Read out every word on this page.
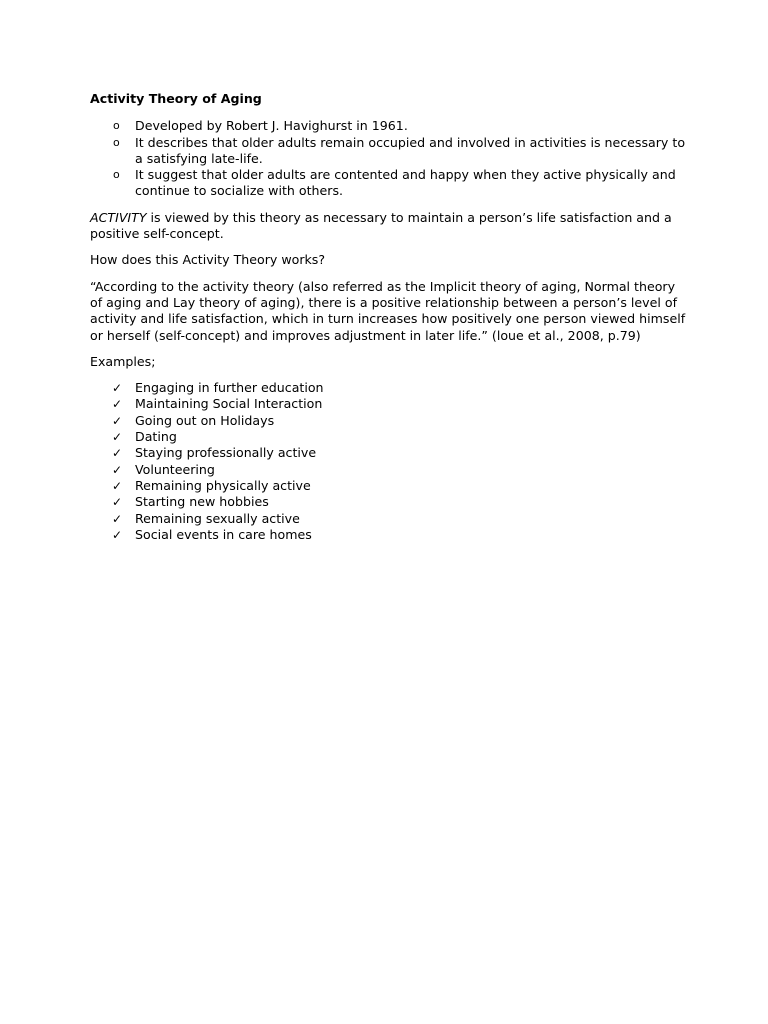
Activity Theory of Aging
o Developed by Robert J. Havighurst in 1961.
o It describes that older adults remain occupied and involved in activities is necessary to a satisfying late-life.
o It suggest that older adults are contented and happy when they active physically and continue to socialize with others.

ACTIVITY is viewed by this theory as necessary to maintain a person’s life satisfaction and a positive self-concept.

How does this Activity Theory works?

“According to the activity theory (also referred as the Implicit theory of aging, Normal theory of aging and Lay theory of aging), there is a positive relationship between a person’s level of activity and life satisfaction, which in turn increases how positively one person viewed himself or herself (self-concept) and improves adjustment in later life.” (loue et al., 2008, p.79)

Examples;

✓ Engaging in further education
✓ Maintaining Social Interaction
✓ Going out on Holidays
✓ Dating
✓ Staying professionally active
✓ Volunteering
✓ Remaining physically active
✓ Starting new hobbies
✓ Remaining sexually active
✓ Social events in care homes
